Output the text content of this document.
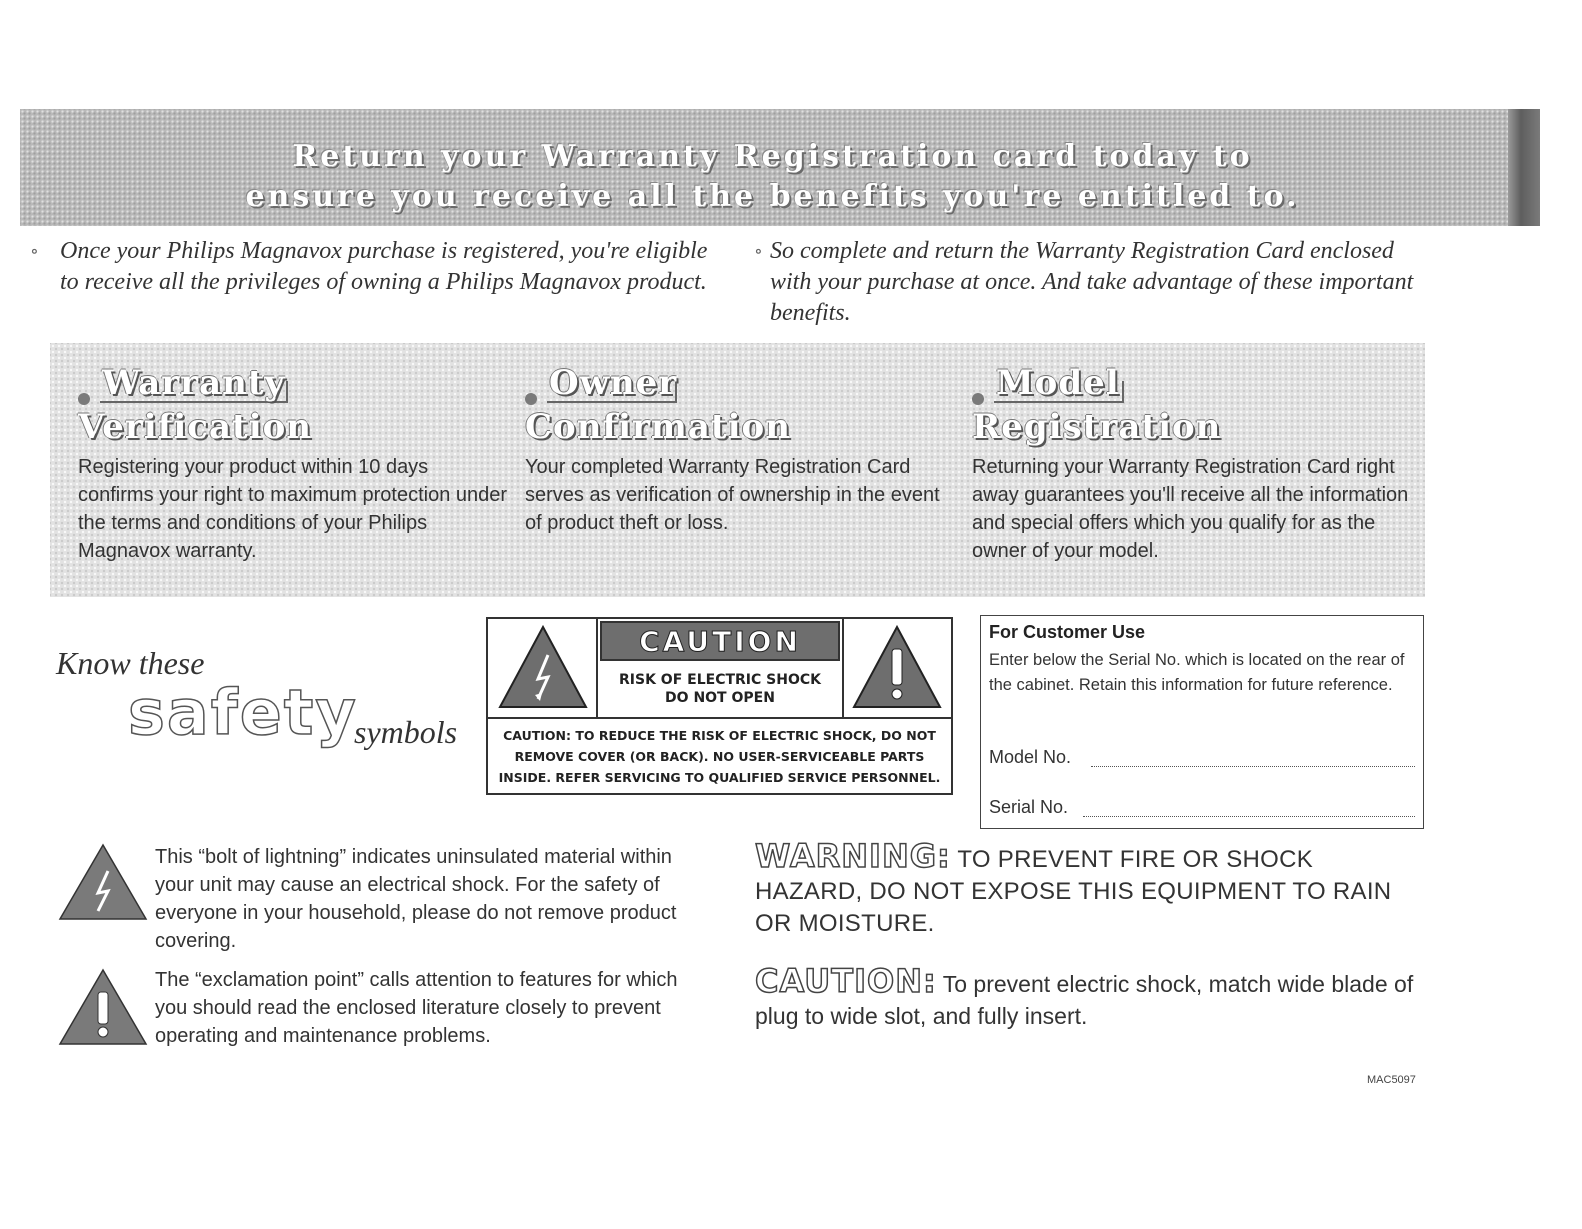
Return your Warranty Registration card today to
ensure you receive all the benefits you're entitled to.
∘ Once your Philips Magnavox purchase is registered, you're eligible to receive all the privileges of owning a Philips Magnavox product.
∘ So complete and return the Warranty Registration Card enclosed with your purchase at once. And take advantage of these important benefits.
Warranty
Verification
Registering your product within 10 days confirms your right to maximum protection under the terms and conditions of your Philips Magnavox warranty.
Owner
Confirmation
Your completed Warranty Registration Card serves as verification of ownership in the event of product theft or loss.
Model
Registration
Returning your Warranty Registration Card right away guarantees you'll receive all the information and special offers which you qualify for as the owner of your model.
Know these
safety
symbols
CAUTION
RISK OF ELECTRIC SHOCK
DO NOT OPEN
CAUTION: TO REDUCE THE RISK OF ELECTRIC SHOCK, DO NOT REMOVE COVER (OR BACK). NO USER-SERVICEABLE PARTS INSIDE. REFER SERVICING TO QUALIFIED SERVICE PERSONNEL.
For Customer Use
Enter below the Serial No. which is located on the rear of the cabinet. Retain this information for future reference.
Model No.
Serial No.
This “bolt of lightning” indicates uninsulated material within your unit may cause an electrical shock. For the safety of everyone in your household, please do not remove product covering.
The “exclamation point” calls attention to features for which you should read the enclosed literature closely to prevent operating and maintenance problems.
WARNING: TO PREVENT FIRE OR SHOCK HAZARD, DO NOT EXPOSE THIS EQUIPMENT TO RAIN OR MOISTURE.
CAUTION: To prevent electric shock, match wide blade of plug to wide slot, and fully insert.
MAC5097
